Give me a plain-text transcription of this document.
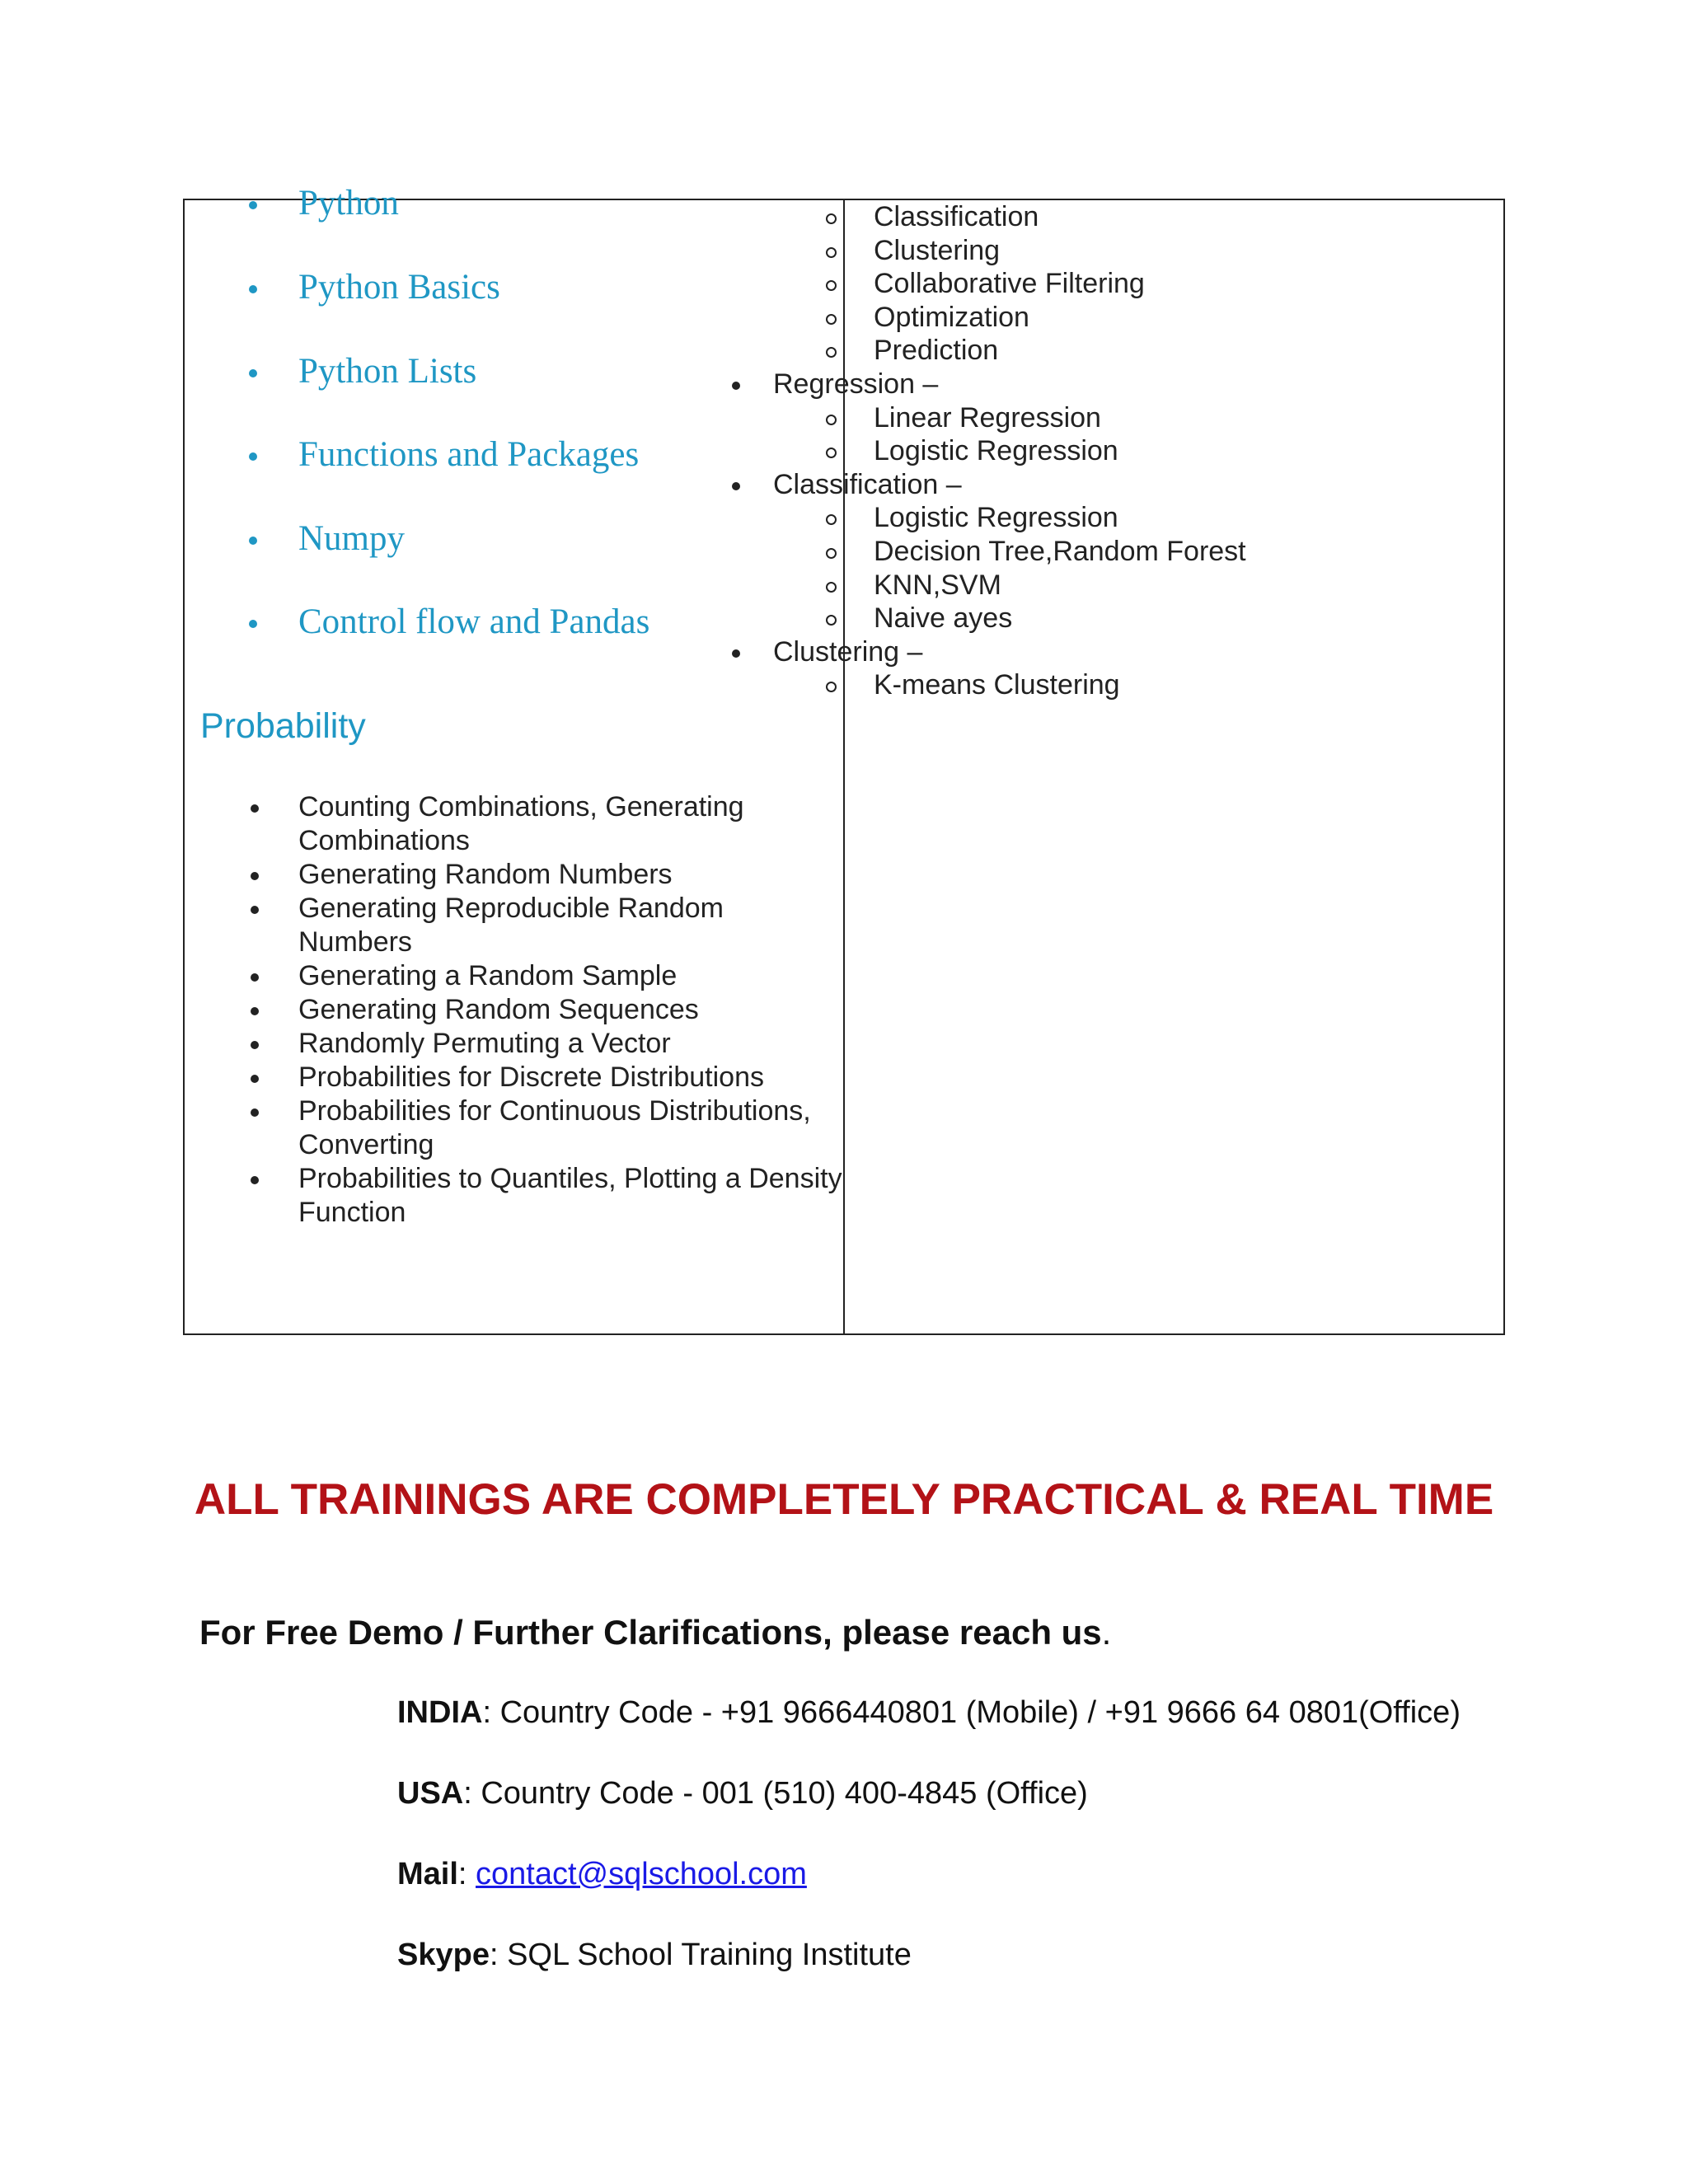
Python
Python Basics
Python Lists
Functions and Packages
Numpy
Control flow and Pandas
Probability
Counting Combinations, Generating Combinations
Generating Random Numbers
Generating Reproducible Random Numbers
Generating a Random Sample
Generating Random Sequences
Randomly Permuting a Vector
Probabilities for Discrete Distributions
Probabilities for Continuous Distributions, Converting
Probabilities to Quantiles, Plotting a Density Function
Classification
Clustering
Collaborative Filtering
Optimization
Prediction
Regression –
Linear Regression
Logistic Regression
Classification –
Logistic Regression
Decision Tree,Random Forest
KNN,SVM
Naive ayes
Clustering –
K-means Clustering
ALL TRAININGS ARE COMPLETELY PRACTICAL & REAL TIME
For Free Demo / Further Clarifications, please reach us.
INDIA: Country Code - +91 9666440801 (Mobile) / +91 9666 64 0801(Office)
USA: Country Code - 001 (510) 400-4845 (Office)
Mail: contact@sqlschool.com
Skype: SQL School Training Institute
